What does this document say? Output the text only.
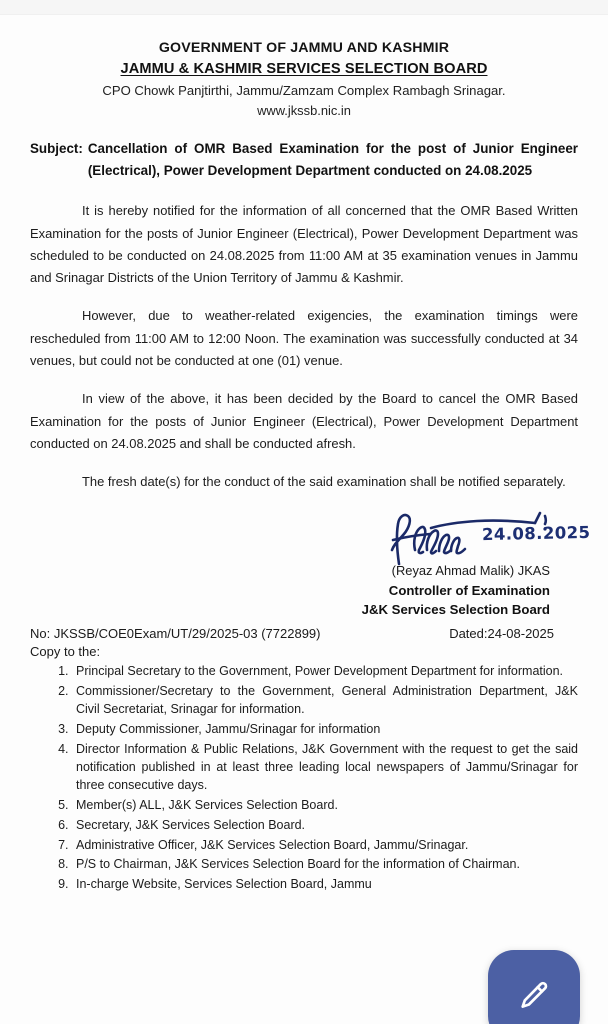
GOVERNMENT OF JAMMU AND KASHMIR
JAMMU & KASHMIR SERVICES SELECTION BOARD
CPO Chowk Panjtirthi, Jammu/Zamzam Complex Rambagh Srinagar.
www.jkssb.nic.in
Subject: Cancellation of OMR Based Examination for the post of Junior Engineer (Electrical), Power Development Department conducted on 24.08.2025

It is hereby notified for the information of all concerned that the OMR Based Written Examination for the posts of Junior Engineer (Electrical), Power Development Department was scheduled to be conducted on 24.08.2025 from 11:00 AM at 35 examination venues in Jammu and Srinagar Districts of the Union Territory of Jammu & Kashmir.

However, due to weather-related exigencies, the examination timings were rescheduled from 11:00 AM to 12:00 Noon. The examination was successfully conducted at 34 venues, but could not be conducted at one (01) venue.

In view of the above, it has been decided by the Board to cancel the OMR Based Examination for the posts of Junior Engineer (Electrical), Power Development Department conducted on 24.08.2025 and shall be conducted afresh.

The fresh date(s) for the conduct of the said examination shall be notified separately.

24.08.2025
(Reyaz Ahmad Malik) JKAS
Controller of Examination
J&K Services Selection Board
No: JKSSB/COE0Exam/UT/29/2025-03 (7722899)	Dated:24-08-2025
Copy to the:
1. Principal Secretary to the Government, Power Development Department for information.
2. Commissioner/Secretary to the Government, General Administration Department, J&K Civil Secretariat, Srinagar for information.
3. Deputy Commissioner, Jammu/Srinagar for information
4. Director Information & Public Relations, J&K Government with the request to get the said notification published in at least three leading local newspapers of Jammu/Srinagar for three consecutive days.
5. Member(s) ALL, J&K Services Selection Board.
6. Secretary, J&K Services Selection Board.
7. Administrative Officer, J&K Services Selection Board, Jammu/Srinagar.
8. P/S to Chairman, J&K Services Selection Board for the information of Chairman.
9. In-charge Website, Services Selection Board, Jammu
